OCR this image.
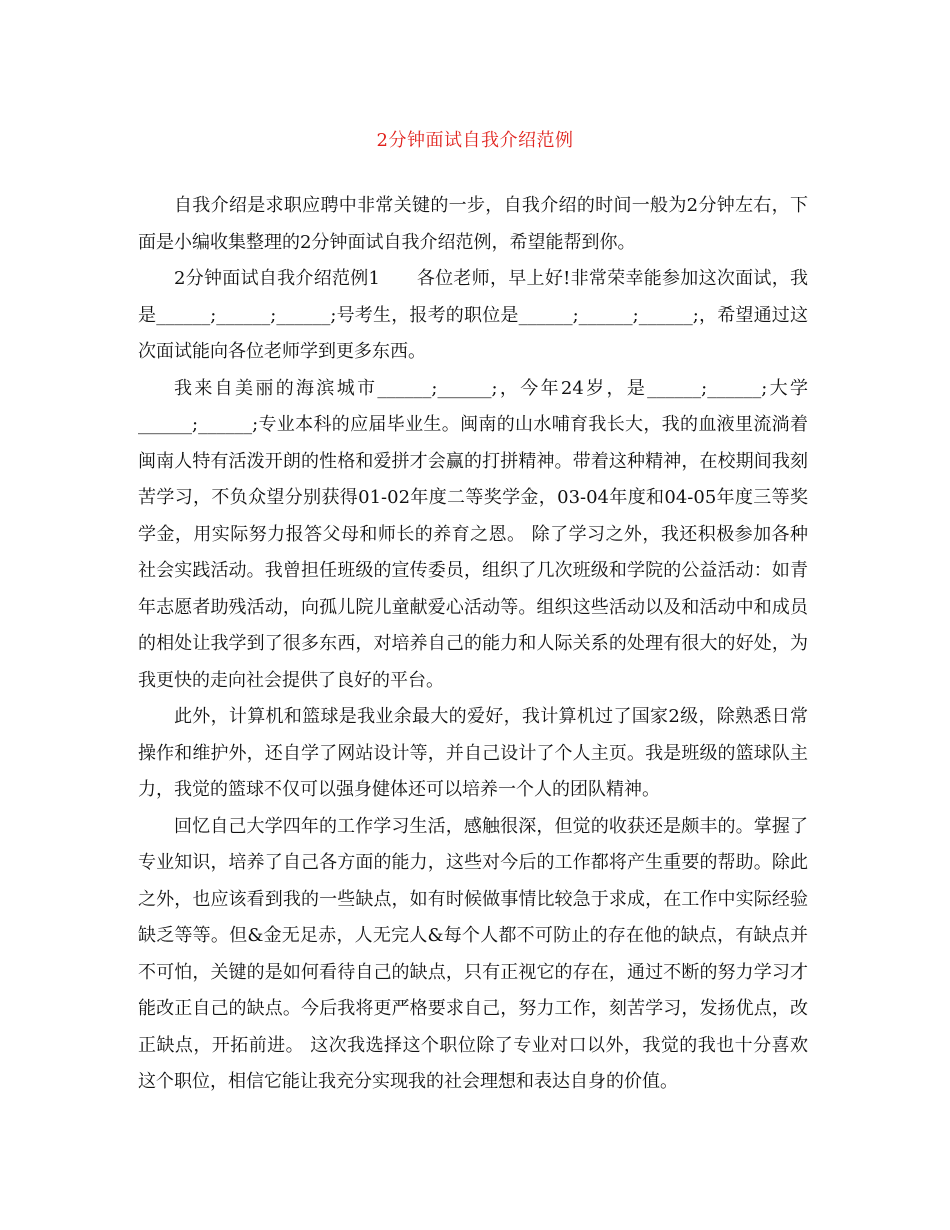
2分钟面试自我介绍范例

自我介绍是求职应聘中非常关键的一步，自我介绍的时间一般为2分钟左右，下面是小编收集整理的2分钟面试自我介绍范例，希望能帮到你。

2分钟面试自我介绍范例1　　各位老师，早上好!非常荣幸能参加这次面试，我是______;______;______;号考生，报考的职位是______;______;______;，希望通过这次面试能向各位老师学到更多东西。

我来自美丽的海滨城市______;______;，今年24岁，是______;______;大学______;______;专业本科的应届毕业生。闽南的山水哺育我长大，我的血液里流淌着闽南人特有活泼开朗的性格和爱拼才会赢的打拼精神。带着这种精神，在校期间我刻苦学习，不负众望分别获得01-02年度二等奖学金，03-04年度和04-05年度三等奖学金，用实际努力报答父母和师长的养育之恩。 除了学习之外，我还积极参加各种社会实践活动。我曾担任班级的宣传委员，组织了几次班级和学院的公益活动：如青年志愿者助残活动，向孤儿院儿童献爱心活动等。组织这些活动以及和活动中和成员的相处让我学到了很多东西，对培养自己的能力和人际关系的处理有很大的好处，为我更快的走向社会提供了良好的平台。

此外，计算机和篮球是我业余最大的爱好，我计算机过了国家2级，除熟悉日常操作和维护外，还自学了网站设计等，并自己设计了个人主页。我是班级的篮球队主力，我觉的篮球不仅可以强身健体还可以培养一个人的团队精神。

回忆自己大学四年的工作学习生活，感触很深，但觉的收获还是颇丰的。掌握了专业知识，培养了自己各方面的能力，这些对今后的工作都将产生重要的帮助。除此之外，也应该看到我的一些缺点，如有时候做事情比较急于求成，在工作中实际经验缺乏等等。但&金无足赤，人无完人&每个人都不可防止的存在他的缺点，有缺点并不可怕，关键的是如何看待自己的缺点，只有正视它的存在，通过不断的努力学习才能改正自己的缺点。今后我将更严格要求自己，努力工作，刻苦学习，发扬优点，改正缺点，开拓前进。 这次我选择这个职位除了专业对口以外，我觉的我也十分喜欢这个职位，相信它能让我充分实现我的社会理想和表达自身的价值。
